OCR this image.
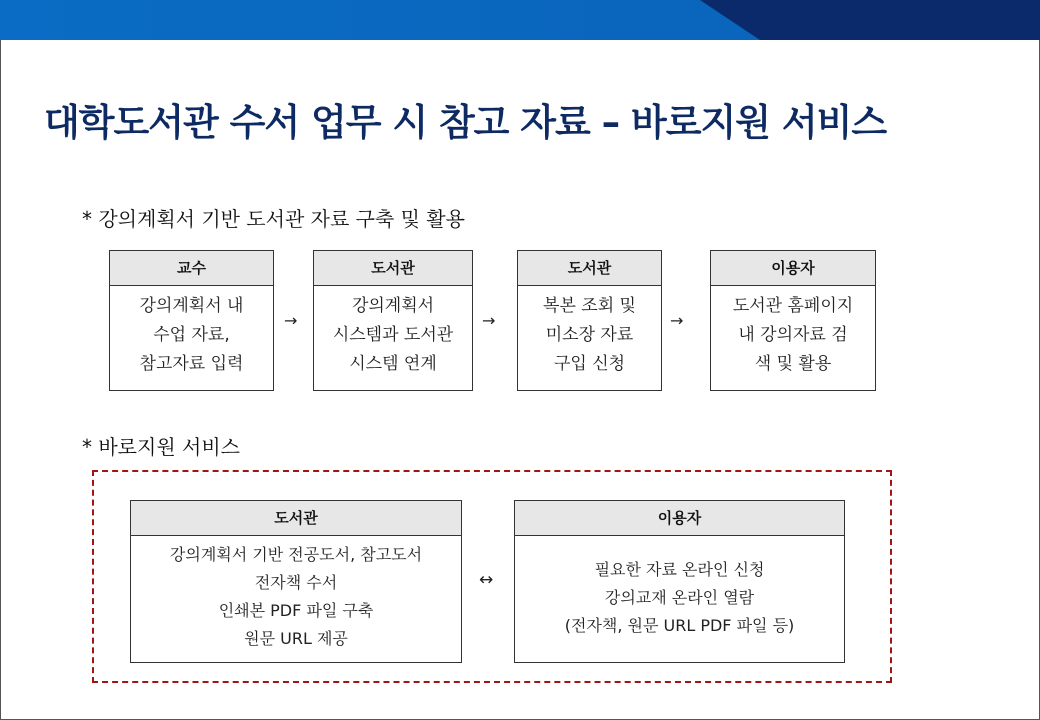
대학도서관 수서 업무 시 참고 자료 – 바로지원 서비스
* 강의계획서 기반 도서관 자료 구축 및 활용
교수
강의계획서 내
수업 자료,
참고자료 입력
→
도서관
강의계획서
시스템과 도서관
시스템 연계
→
도서관
복본 조회 및
미소장 자료
구입 신청
→
이용자
도서관 홈페이지
내 강의자료 검
색 및 활용
* 바로지원 서비스
도서관
강의계획서 기반 전공도서, 참고도서
전자책 수서
인쇄본 PDF 파일 구축
원문 URL 제공
↔
이용자
필요한 자료 온라인 신청
강의교재 온라인 열람
(전자책, 원문 URL PDF 파일 등)
